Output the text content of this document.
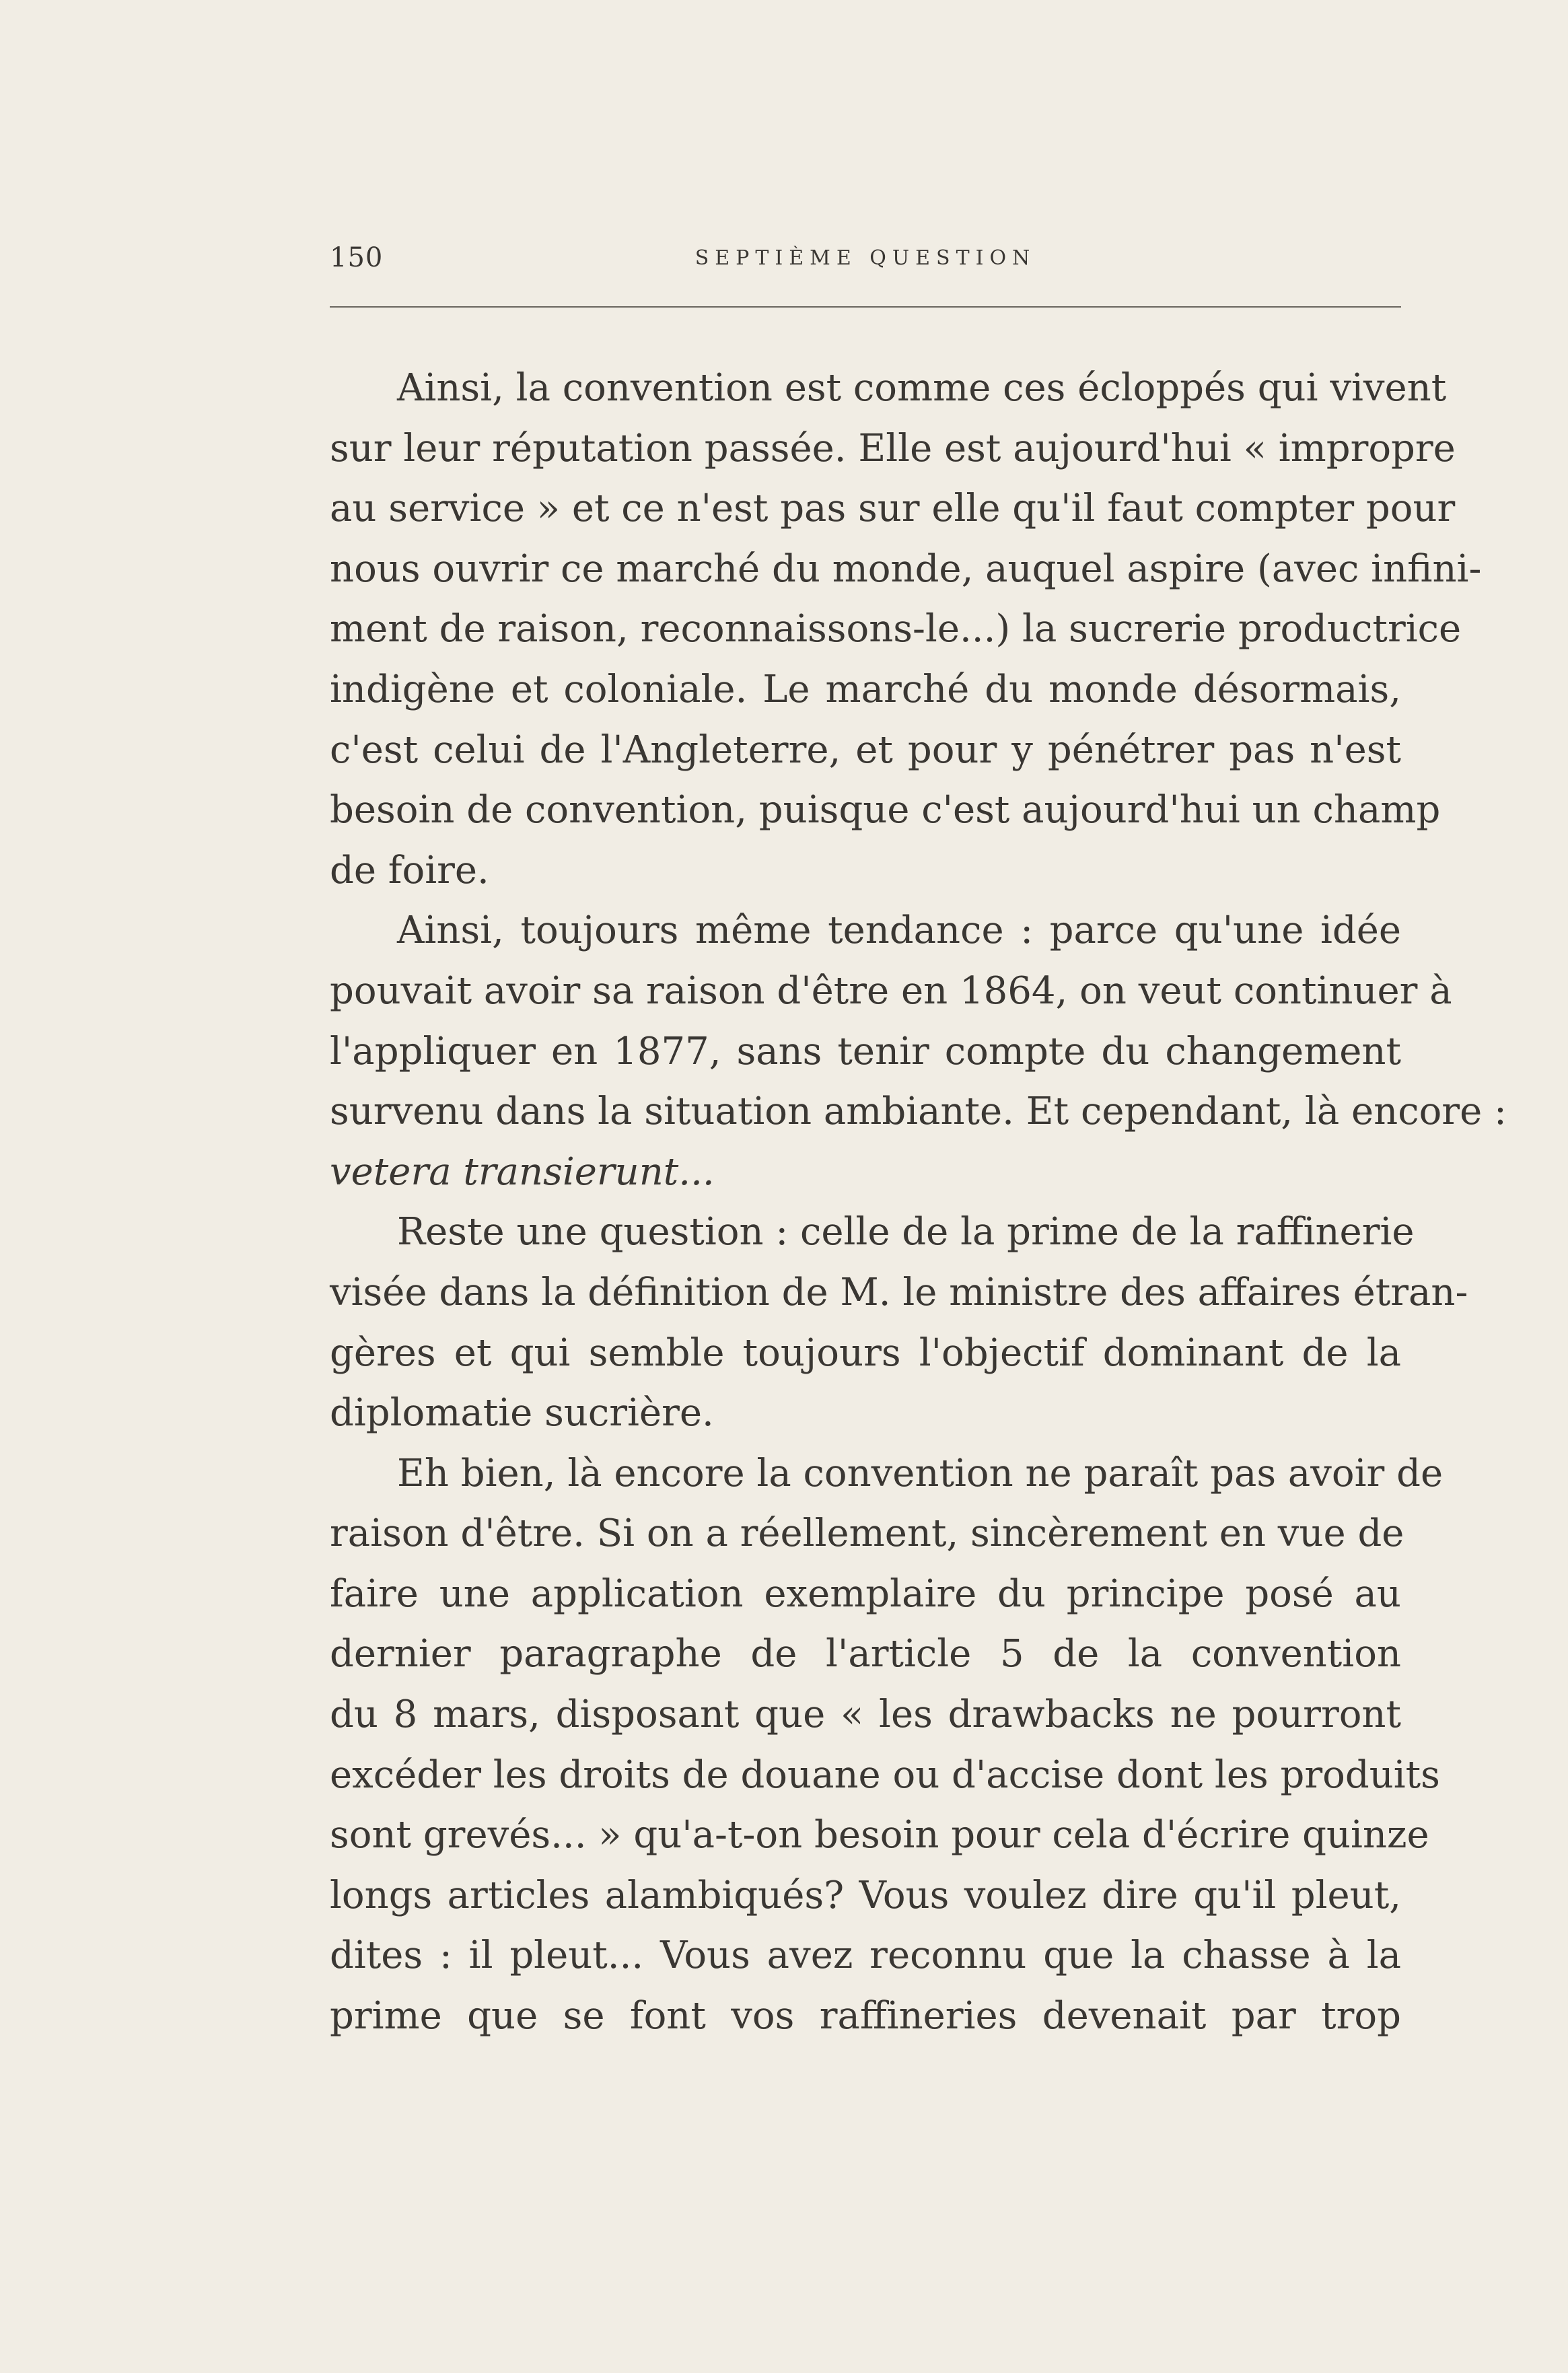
150	SEPTIÈME QUESTION
Ainsi, la convention est comme ces écloppés qui vivent
sur leur réputation passée. Elle est aujourd'hui « impropre
au service » et ce n'est pas sur elle qu'il faut compter pour
nous ouvrir ce marché du monde, auquel aspire (avec infini-
ment de raison, reconnaissons-le...) la sucrerie productrice
indigène et coloniale. Le marché du monde désormais,
c'est celui de l'Angleterre, et pour y pénétrer pas n'est
besoin de convention, puisque c'est aujourd'hui un champ
de foire.
Ainsi, toujours même tendance : parce qu'une idée
pouvait avoir sa raison d'être en 1864, on veut continuer à
l'appliquer en 1877, sans tenir compte du changement
survenu dans la situation ambiante. Et cependant, là encore :
vetera transierunt...
Reste une question : celle de la prime de la raffinerie
visée dans la définition de M. le ministre des affaires étran-
gères et qui semble toujours l'objectif dominant de la
diplomatie sucrière.
Eh bien, là encore la convention ne paraît pas avoir de
raison d'être. Si on a réellement, sincèrement en vue de
faire une application exemplaire du principe posé au
dernier paragraphe de l'article 5 de la convention
du 8 mars, disposant que « les drawbacks ne pourront
excéder les droits de douane ou d'accise dont les produits
sont grevés... » qu'a-t-on besoin pour cela d'écrire quinze
longs articles alambiqués? Vous voulez dire qu'il pleut,
dites : il pleut... Vous avez reconnu que la chasse à la
prime que se font vos raffineries devenait par trop
